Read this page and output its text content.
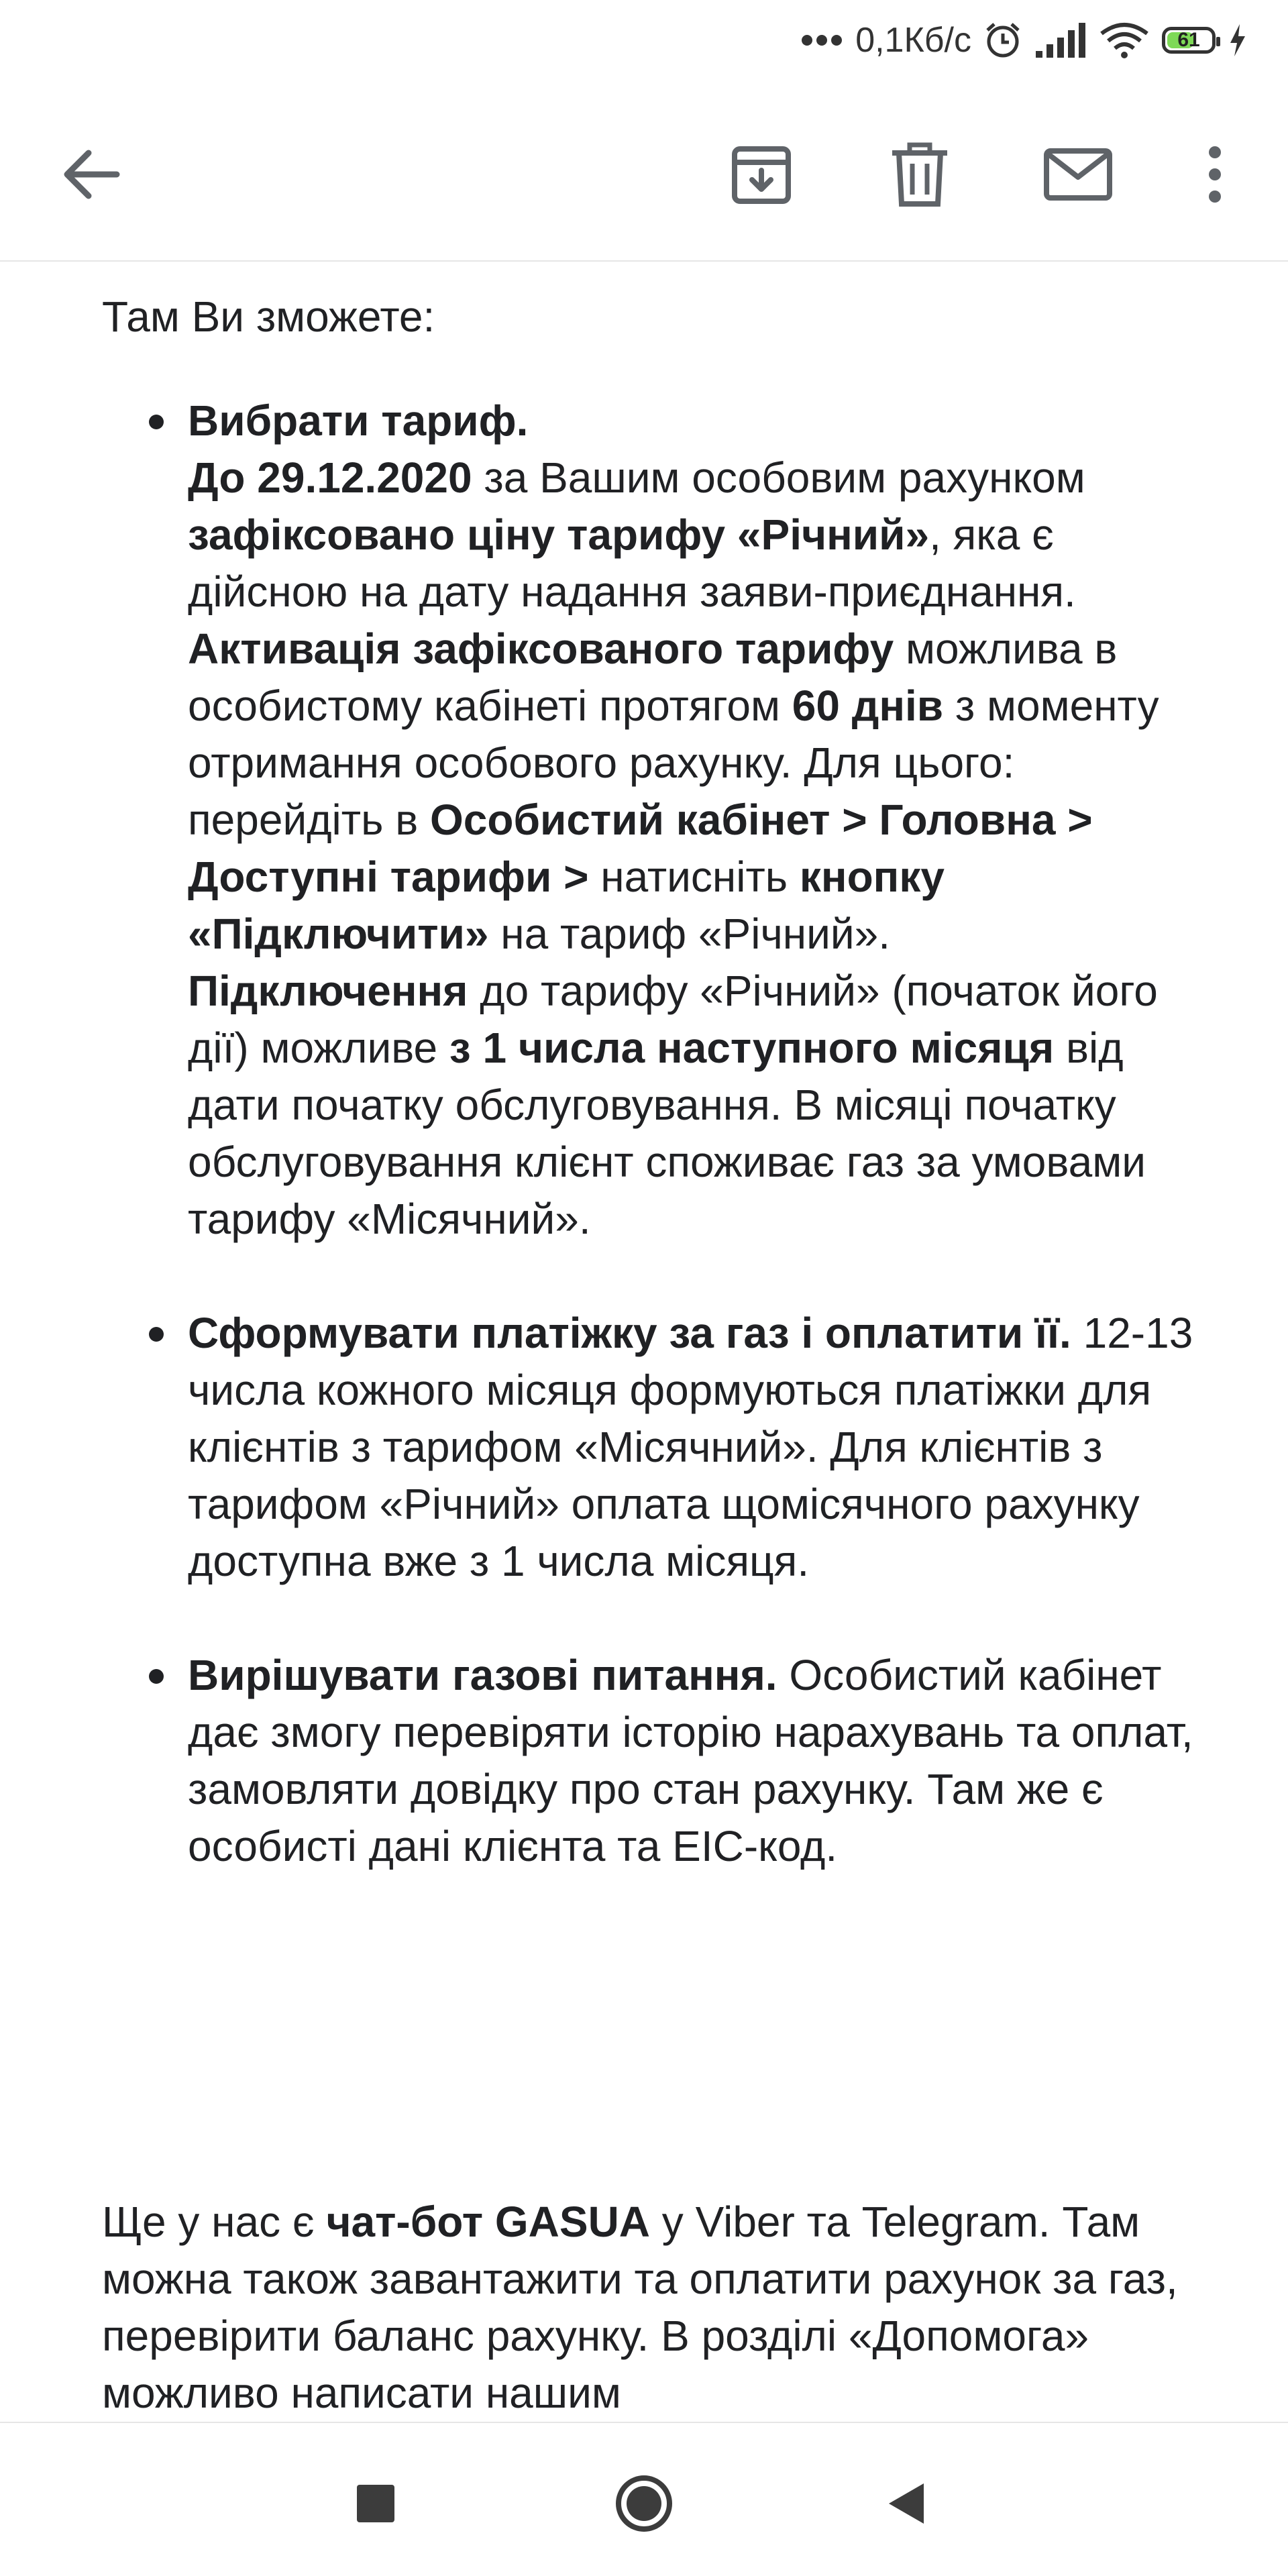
0,1Кб/с	61

Там Ви зможете:

Вибрати тариф.

До 29.12.2020 за Вашим особовим рахунком зафіксовано ціну тарифу «Річний», яка є дійсною на дату надання заяви-приєднання.

Активація зафіксованого тарифу можлива в особистому кабінеті протягом 60 днів з моменту отримання особового рахунку. Для цього: перейдіть в Особистий кабінет > Головна > Доступні тарифи > натисніть кнопку «Підключити» на тариф «Річний».

Підключення до тарифу «Річний» (початок його дії) можливе з 1 числа наступного місяця від дати початку обслуговування. В місяці початку обслуговування клієнт споживає газ за умовами тарифу «Місячний».

Сформувати платіжку за газ і оплатити її. 12-13 числа кожного місяця формуються платіжки для клієнтів з тарифом «Місячний». Для клієнтів з тарифом «Річний» оплата щомісячного рахунку доступна вже з 1 числа місяця.

Вирішувати газові питання. Особистий кабінет дає змогу перевіряти історію нарахувань та оплат, замовляти довідку про стан рахунку. Там же є особисті дані клієнта та ЕІС-код.

Ще у нас є чат-бот GASUA у Viber та Telegram. Там можна також завантажити та оплатити рахунок за газ, перевірити баланс рахунку. В розділі «Допомога» можливо написати нашим
